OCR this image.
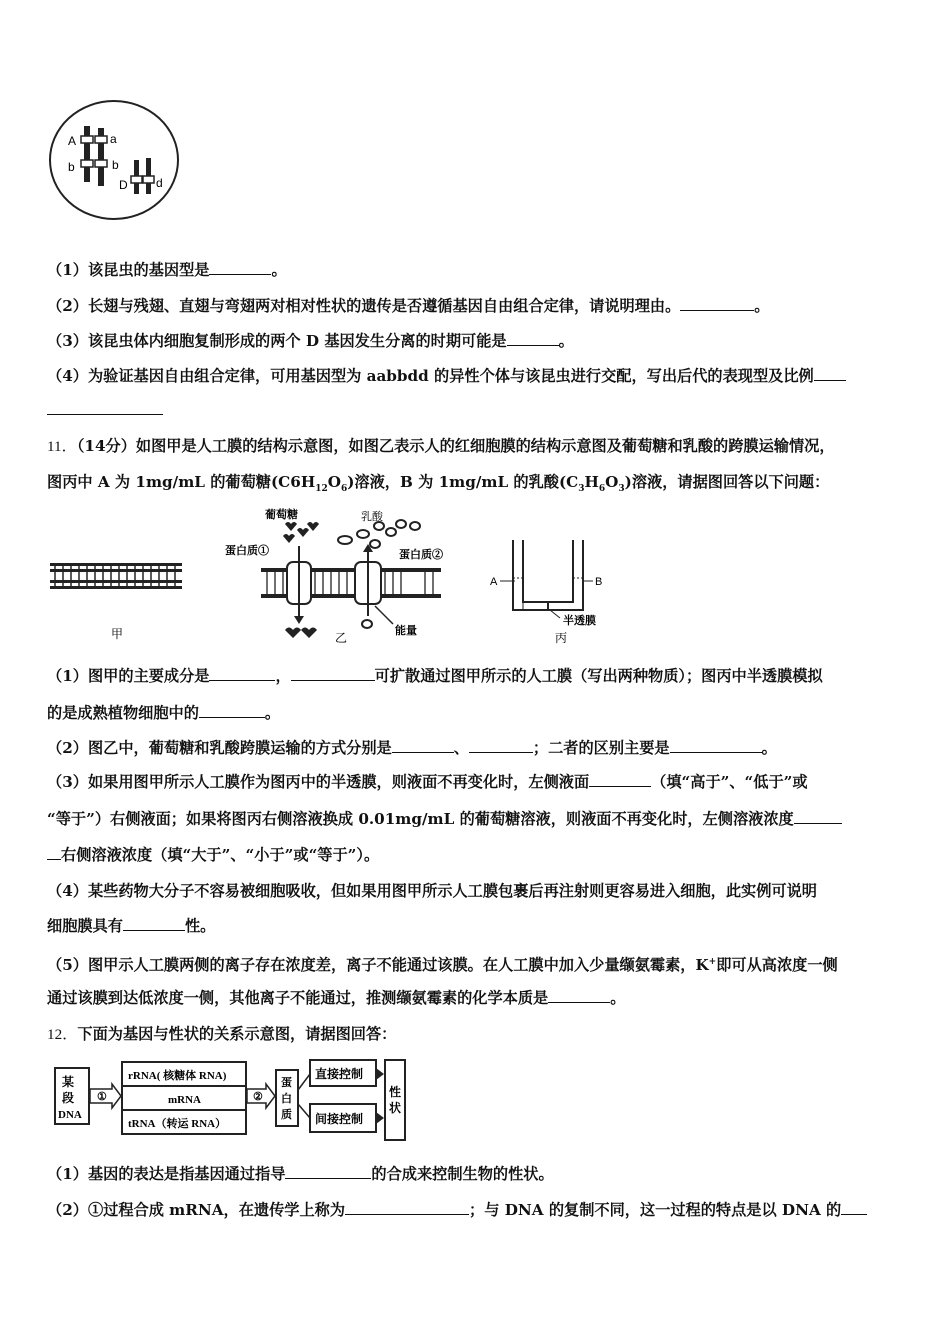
A	a
b	b
D d
（1）该昆虫的基因型是	。
（2）长翅与残翅、直翅与弯翅两对相对性状的遗传是否遵循基因自由组合定律，请说明理由。	。
（3）该昆虫体内细胞复制形成的两个 D 基因发生分离的时期可能是	。
（4）为验证基因自由组合定律，可用基因型为 aabbdd 的异性个体与该昆虫进行交配，写出后代的表现型及比例
11．（14分）如图甲是人工膜的结构示意图，如图乙表示人的红细胞膜的结构示意图及葡萄糖和乳酸的跨膜运输情况，
图丙中 A 为 1mg/mL 的葡萄糖$(C6H_{12}O_6)$溶液，B 为 1mg/mL 的乳酸$(C_3H_6O_3)$溶液，请据图回答以下问题：
甲
葡萄糖	乳酸
蛋白质①	蛋白质②
能量
乙
A	B
半透膜
丙
（1）图甲的主要成分是	，	可扩散通过图甲所示的人工膜（写出两种物质）；图丙中半透膜模拟
的是成熟植物细胞中的	。
（2）图乙中，葡萄糖和乳酸跨膜运输的方式分别是	、	；二者的区别主要是	。
（3）如果用图甲所示人工膜作为图丙中的半透膜，则液面不再变化时，左侧液面	（填“高于”、“低于”或
“等于”）右侧液面；如果将图丙右侧溶液换成 0.01mg/mL 的葡萄糖溶液，则液面不再变化时，左侧溶液浓度
右侧溶液浓度（填“大于”、“小于”或“等于”）。
（4）某些药物大分子不容易被细胞吸收，但如果用图甲所示人工膜包裹后再注射则更容易进入细胞，此实例可说明
细胞膜具有	性。
（5）图甲示人工膜两侧的离子存在浓度差，离子不能通过该膜。在人工膜中加入少量缬氨霉素，K+即可从高浓度一侧
通过该膜到达低浓度一侧，其他离子不能通过，推测缬氨霉素的化学本质是	。
12．下面为基因与性状的关系示意图，请据图回答：
某
段
DNA
①
rRNA( 核糖体 RNA)
mRNA
tRNA（转运 RNA）
②
蛋
白
质
直接控制
间接控制
性
状
（1）基因的表达是指基因通过指导	的合成来控制生物的性状。
（2）①过程合成 mRNA，在遗传学上称为	；与 DNA 的复制不同，这一过程的特点是以 DNA 的
